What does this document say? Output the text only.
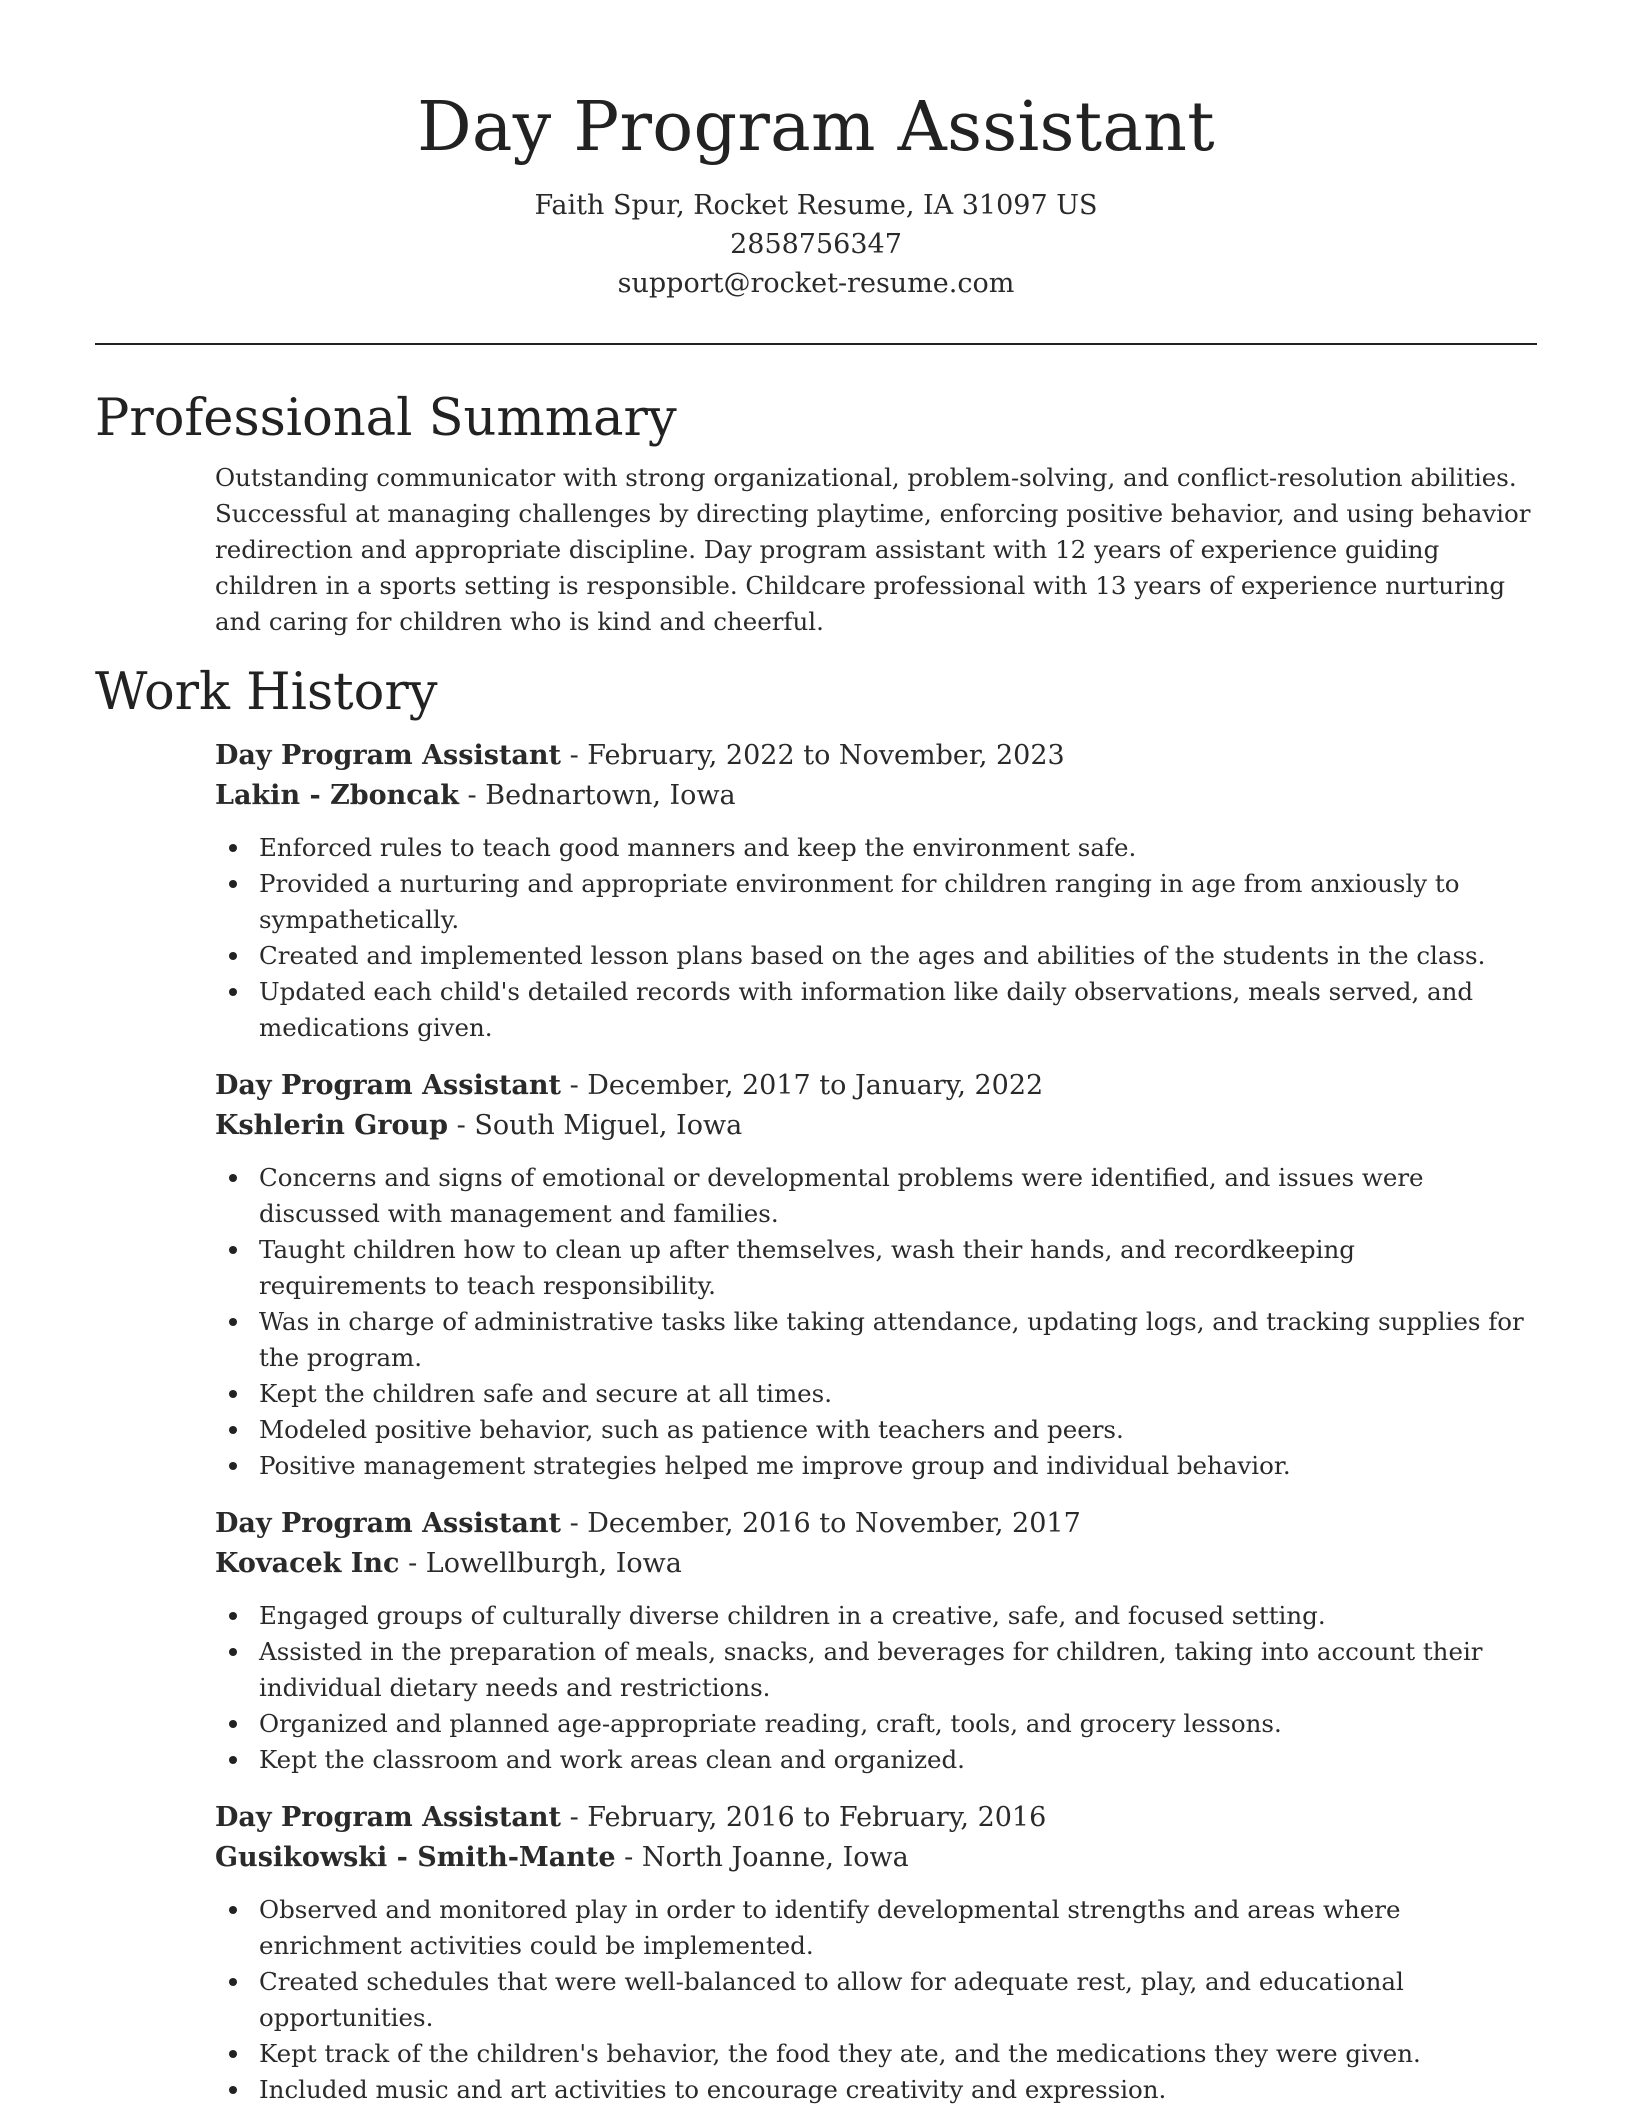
Day Program Assistant
Faith Spur, Rocket Resume, IA 31097 US
2858756347
support@rocket-resume.com
Professional Summary
Outstanding communicator with strong organizational, problem-solving, and conflict-resolution abilities. Successful at managing challenges by directing playtime, enforcing positive behavior, and using behavior redirection and appropriate discipline. Day program assistant with 12 years of experience guiding children in a sports setting is responsible. Childcare professional with 13 years of experience nurturing and caring for children who is kind and cheerful.
Work History
Day Program Assistant - February, 2022 to November, 2023
Lakin - Zboncak - Bednartown, Iowa
Enforced rules to teach good manners and keep the environment safe.
Provided a nurturing and appropriate environment for children ranging in age from anxiously to sympathetically.
Created and implemented lesson plans based on the ages and abilities of the students in the class.
Updated each child's detailed records with information like daily observations, meals served, and medications given.
Day Program Assistant - December, 2017 to January, 2022
Kshlerin Group - South Miguel, Iowa
Concerns and signs of emotional or developmental problems were identified, and issues were discussed with management and families.
Taught children how to clean up after themselves, wash their hands, and recordkeeping requirements to teach responsibility.
Was in charge of administrative tasks like taking attendance, updating logs, and tracking supplies for the program.
Kept the children safe and secure at all times.
Modeled positive behavior, such as patience with teachers and peers.
Positive management strategies helped me improve group and individual behavior.
Day Program Assistant - December, 2016 to November, 2017
Kovacek Inc - Lowellburgh, Iowa
Engaged groups of culturally diverse children in a creative, safe, and focused setting.
Assisted in the preparation of meals, snacks, and beverages for children, taking into account their individual dietary needs and restrictions.
Organized and planned age-appropriate reading, craft, tools, and grocery lessons.
Kept the classroom and work areas clean and organized.
Day Program Assistant - February, 2016 to February, 2016
Gusikowski - Smith-Mante - North Joanne, Iowa
Observed and monitored play in order to identify developmental strengths and areas where enrichment activities could be implemented.
Created schedules that were well-balanced to allow for adequate rest, play, and educational opportunities.
Kept track of the children's behavior, the food they ate, and the medications they were given.
Included music and art activities to encourage creativity and expression.
